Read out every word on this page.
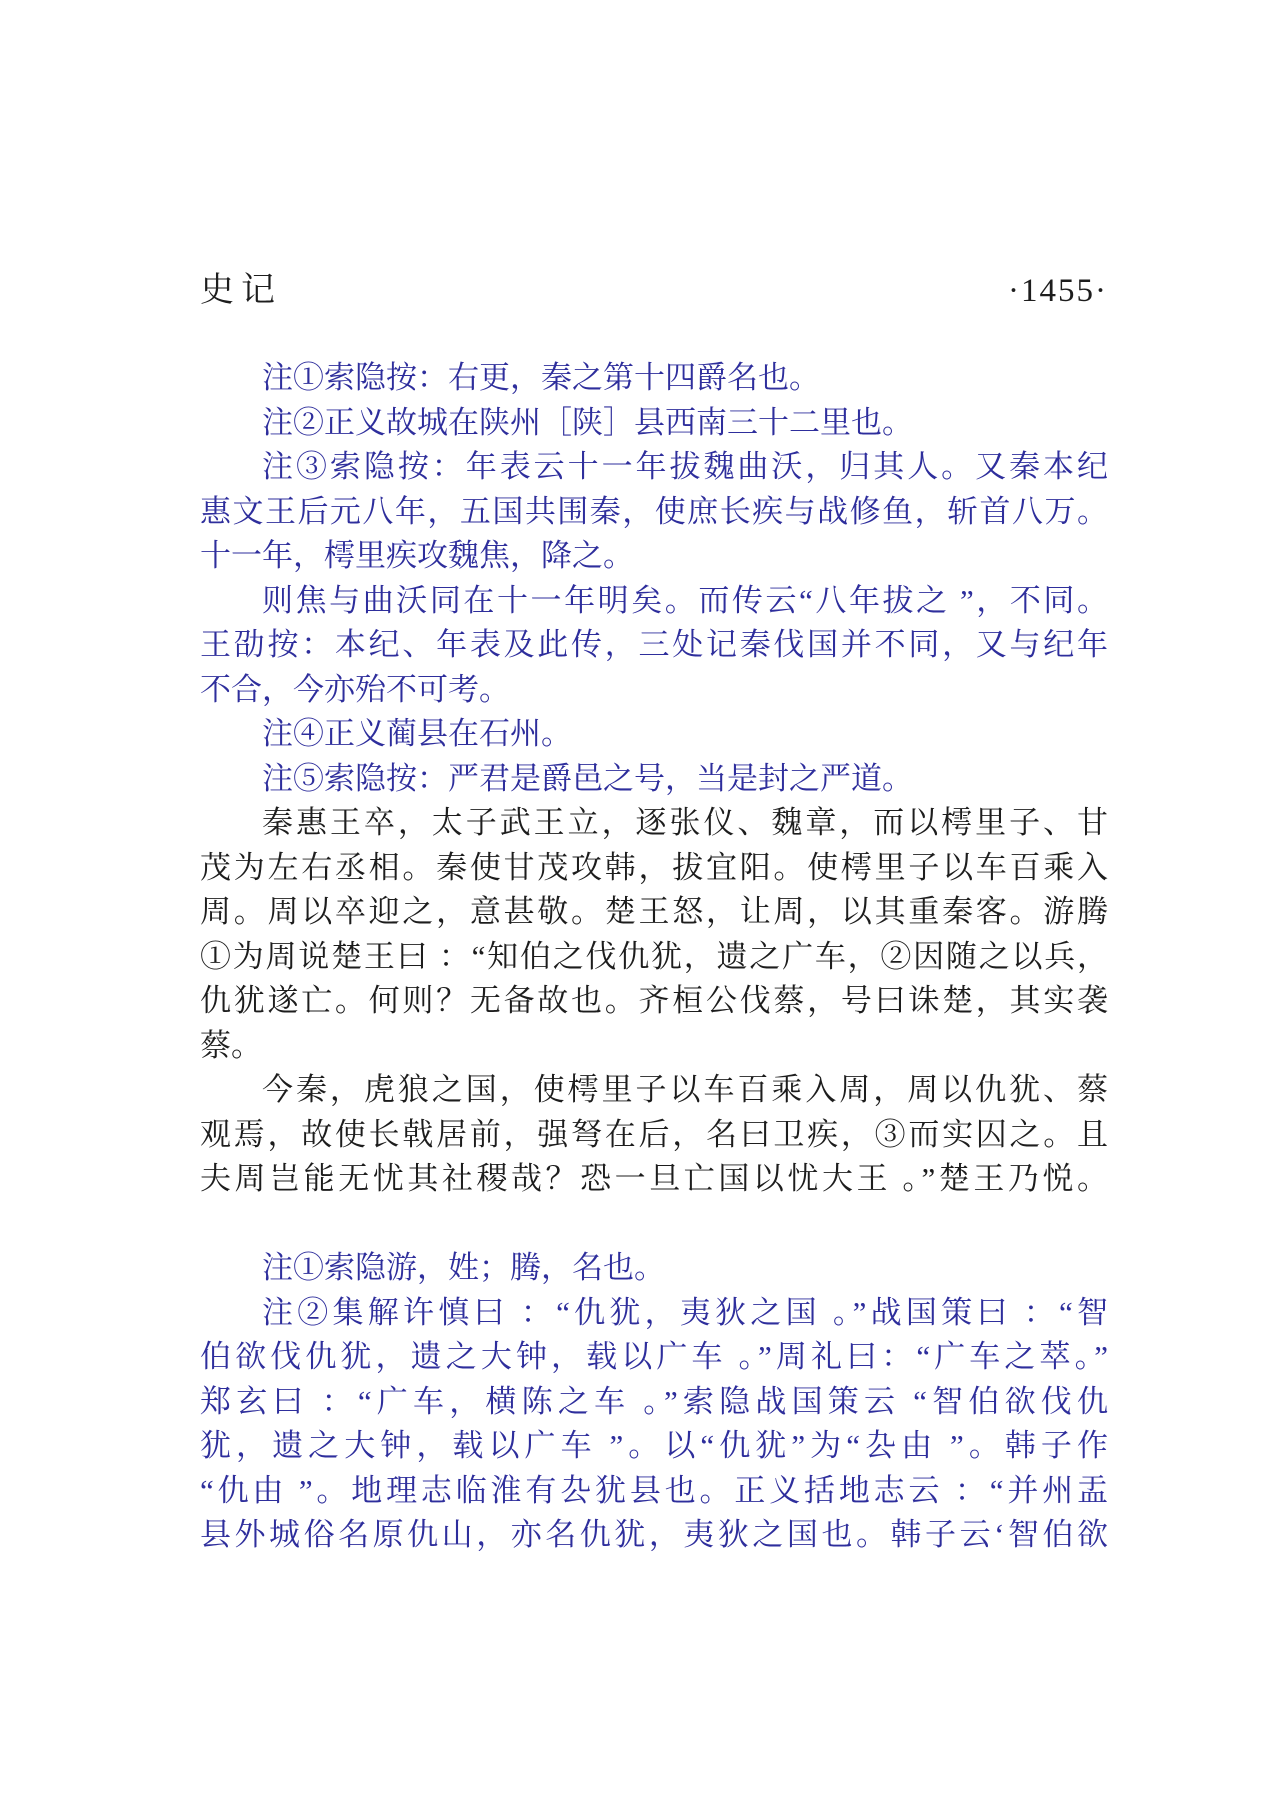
史记	·1455·
注①索隐按：右更，秦之第十四爵名也。
注②正义故城在陕州［陕］县西南三十二里也。
注③索隐按：年表云十一年拔魏曲沃，归其人。又秦本纪
惠文王后元八年，五国共围秦，使庶长疾与战修鱼，斩首八万。
十一年，樗里疾攻魏焦，降之。
则焦与曲沃同在十一年明矣。而传云“八年拔之 ”，不同。
王劭按：本纪、年表及此传，三处记秦伐国并不同，又与纪年
不合，今亦殆不可考。
注④正义蔺县在石州。
注⑤索隐按：严君是爵邑之号，当是封之严道。
秦惠王卒，太子武王立，逐张仪、魏章，而以樗里子、甘
茂为左右丞相。秦使甘茂攻韩，拔宜阳。使樗里子以车百乘入
周。周以卒迎之，意甚敬。楚王怒，让周，以其重秦客。游腾
①为周说楚王曰 ：“知伯之伐仇犹，遗之广车，②因随之以兵，
仇犹遂亡。何则？无备故也。齐桓公伐蔡，号曰诛楚，其实袭
蔡。
今秦，虎狼之国，使樗里子以车百乘入周，周以仇犹、蔡
观焉，故使长戟居前，强弩在后，名曰卫疾，③而实囚之。且
夫周岂能无忧其社稷哉？恐一旦亡国以忧大王 。”楚王乃悦。
注①索隐游，姓；腾，名也。
注②集解许慎曰 ：“仇犹，夷狄之国 。”战国策曰 ：“智
伯欲伐仇犹，遗之大钟，载以广车 。”周礼曰：“广车之萃。”
郑玄曰 ：“广车，横陈之车 。”索隐战国策云 “智伯欲伐仇
犹，遗之大钟，载以广车 ”。以“仇犹”为“厹由 ”。韩子作
“仇由 ”。地理志临淮有厹犹县也。正义括地志云 ：“并州盂
县外城俗名原仇山，亦名仇犹，夷狄之国也。韩子云‘智伯欲
